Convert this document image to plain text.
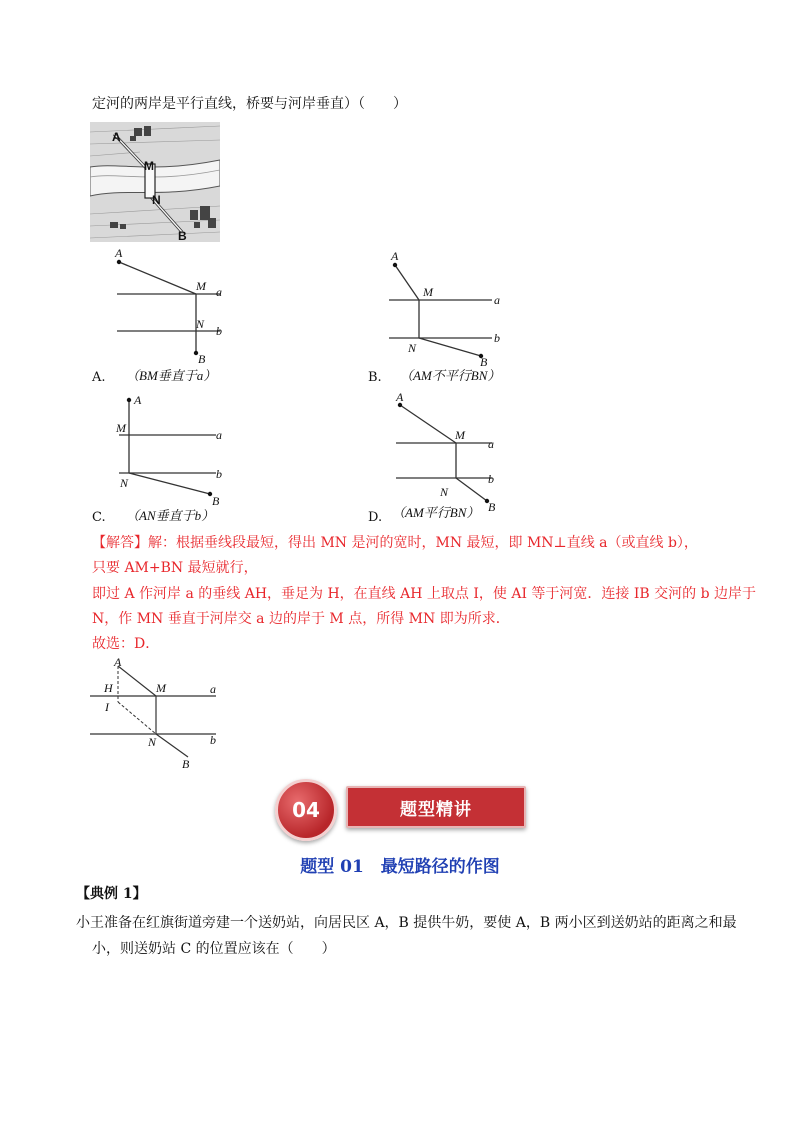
定河的两岸是平行直线，桥要与河岸垂直）（　　）
A
M
N
B
A
M a
N b
B
A. （BM垂直于a）
A
M
a
N
b
B
B. （AM不平行BN）
A
M	a
N
b
B
C. （AN垂直于b）
A
M
a
N
b
B
D. （AM平行BN）
【解答】解：根据垂线段最短，得出 MN 是河的宽时，MN 最短，即 MN⊥直线 a（或直线 b），
只要 AM+BN 最短就行，
即过 A 作河岸 a 的垂线 AH，垂足为 H，在直线 AH 上取点 I，使 AI 等于河宽．连接 IB 交河的 b 边岸于
N，作 MN 垂直于河岸交 a 边的岸于 M 点，所得 MN 即为所求．
故选：D．
A
H
I
M	a
N	b
B
题型精讲
04
题型 01　最短路径的作图
【典例 1】
小王准备在红旗街道旁建一个送奶站，向居民区 A，B 提供牛奶，要使 A，B 两小区到送奶站的距离之和最
小，则送奶站 C 的位置应该在（　　）
